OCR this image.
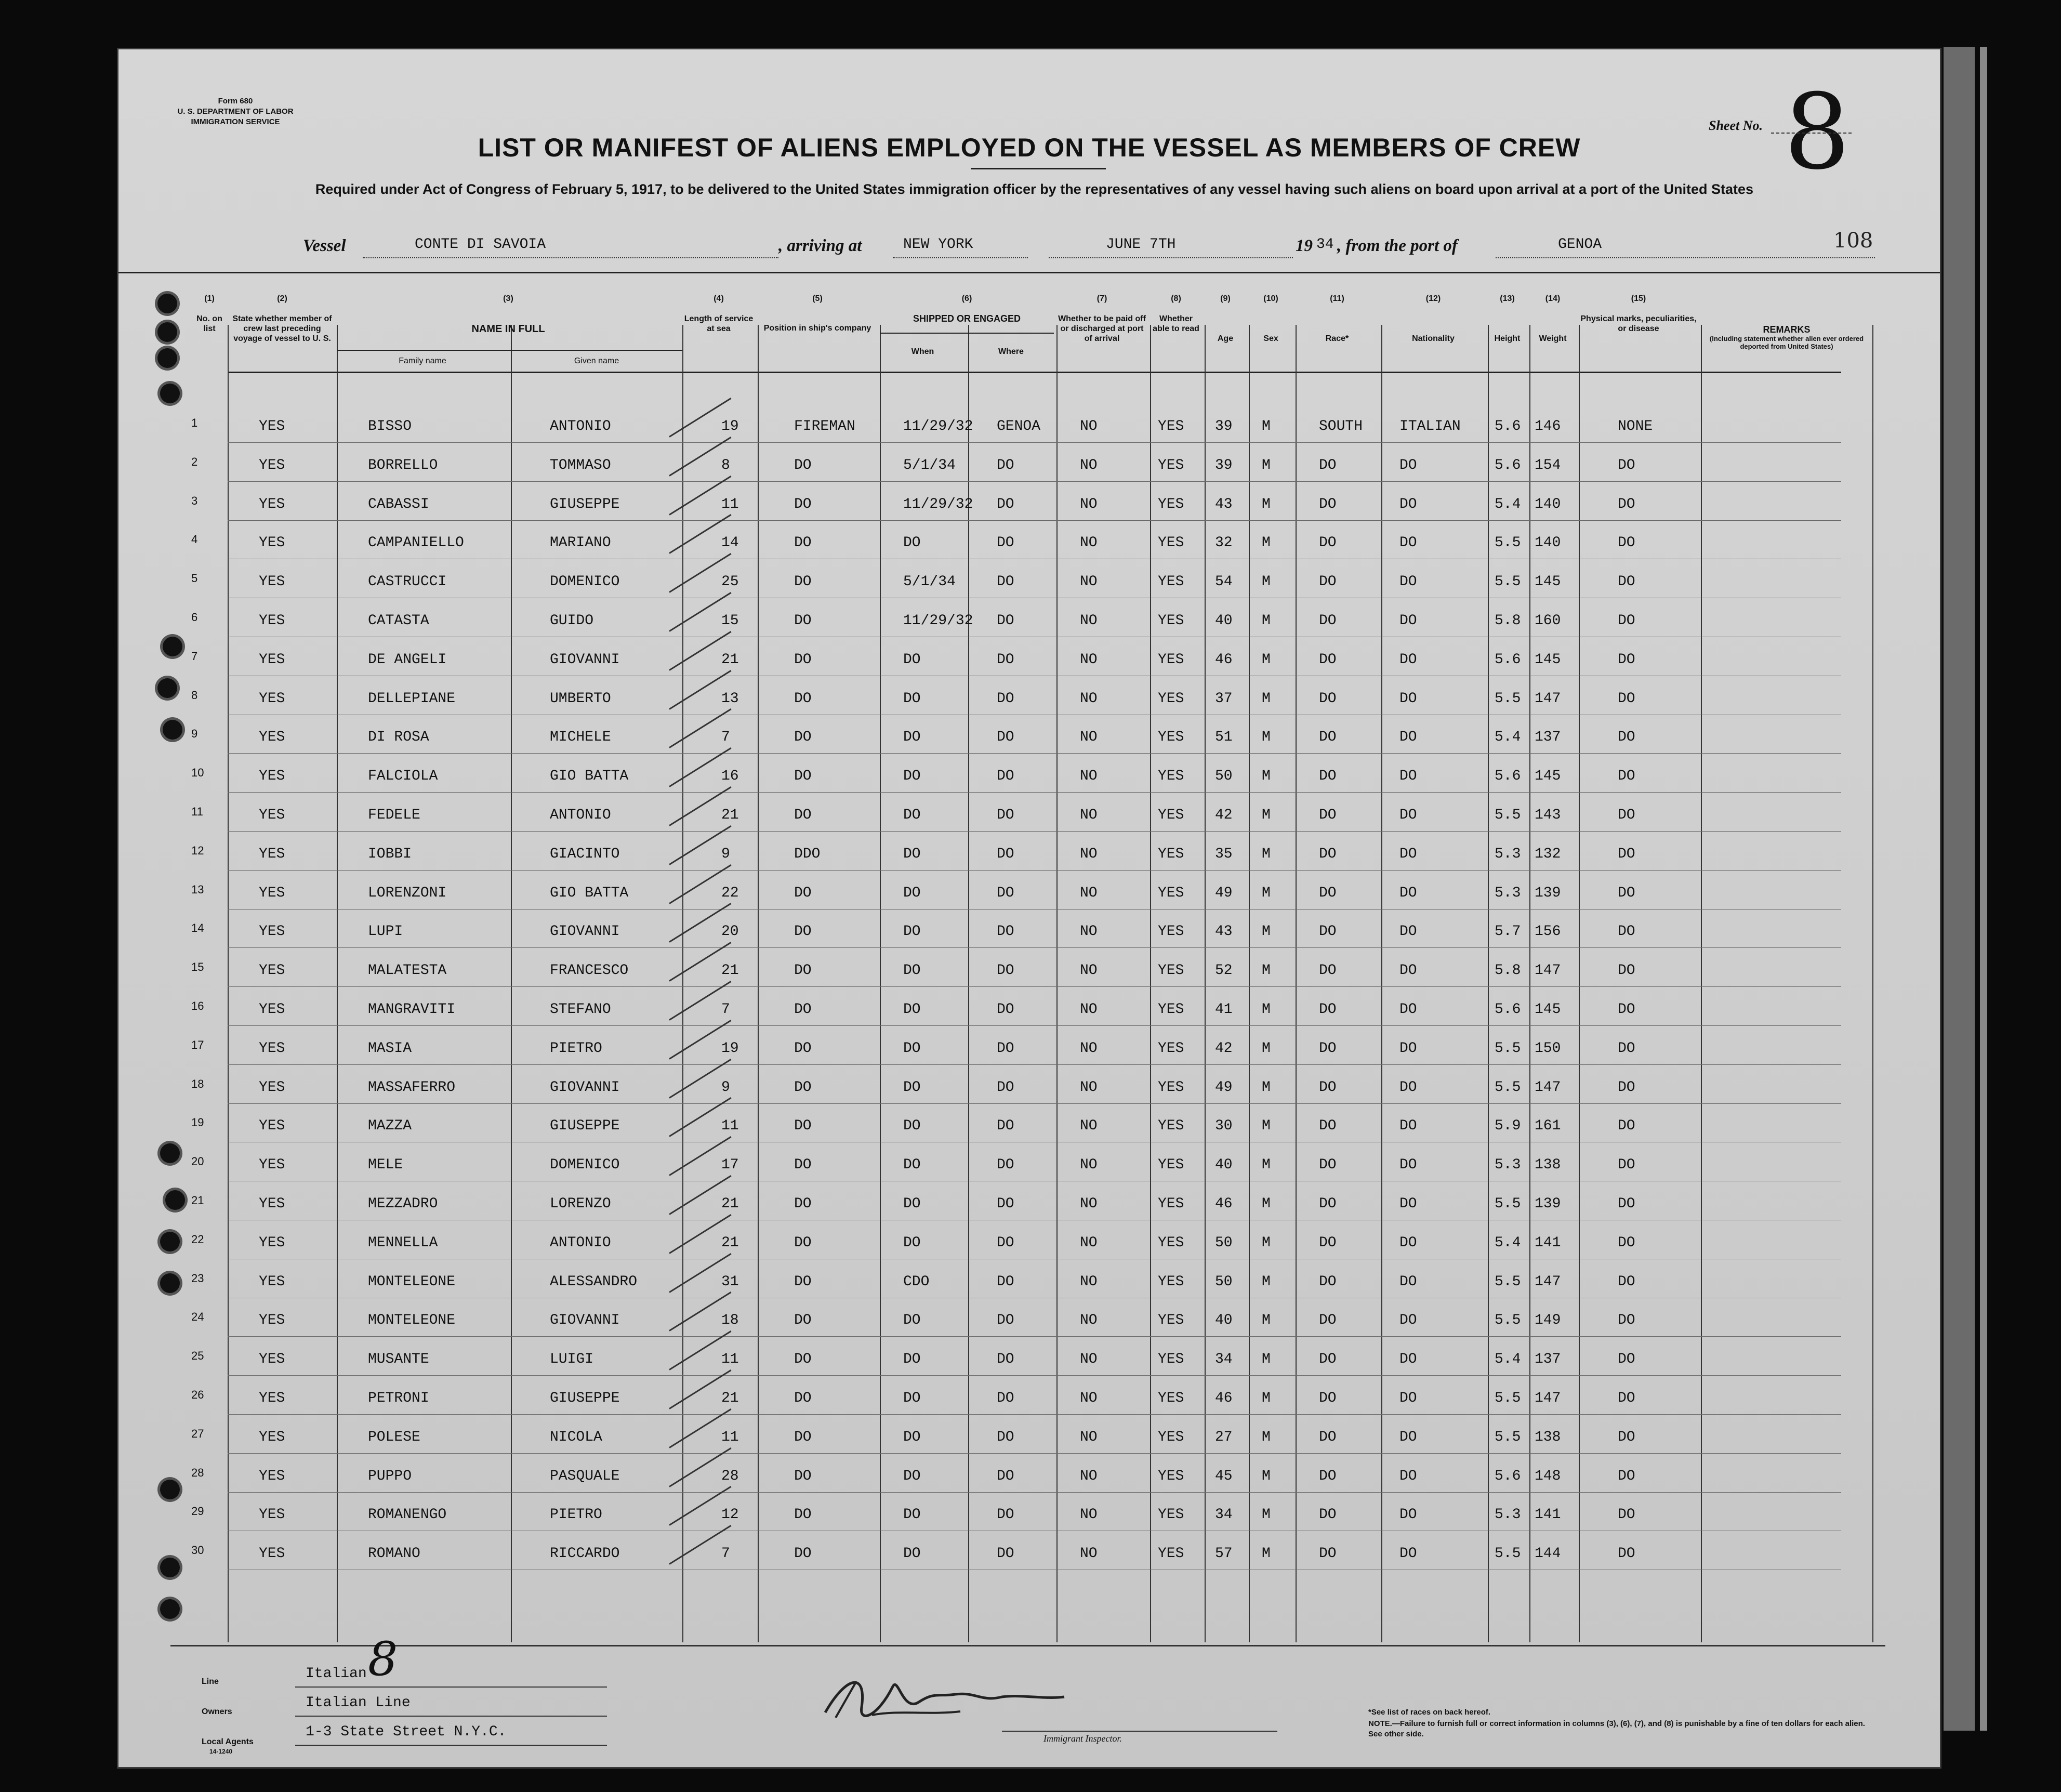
Form 680
U. S. DEPARTMENT OF LABOR
IMMIGRATION SERVICE
LIST OR MANIFEST OF ALIENS EMPLOYED ON THE VESSEL AS MEMBERS OF CREW
Required under Act of Congress of February 5, 1917, to be delivered to the United States immigration officer by the representatives of any vessel having such aliens on board upon arrival at a port of the United States
Sheet No. 8
108
Vessel	CONTE DI SAVOIA	, arriving at	NEW YORK	JUNE 7TH	19 34 , from the port of	GENOA
(1)
No. on list
(2)
State whether member of crew last preceding voyage of vessel to U. S.
(3)
NAME IN FULL
Family name	Given name
(4)
Length of service at sea
(5)
Position in ship's company
(6)
SHIPPED OR ENGAGED
When	Where
(7)
Whether to be paid off or discharged at port of arrival
(8)
Whether able to read
(9)
Age
(10)
Sex
(11)
Race*
(12)
Nationality
(13)
Height
(14)
Weight
(15)
Physical marks, peculiarities, or disease	REMARKS
(Including statement whether alien ever ordered deported from United States)
1	YES	BISSO	ANTONIO	19	FIREMAN	11/29/32 GENOA	NO	YES 39 M	SOUTH	ITALIAN 5.6 146	NONE
2	YES	BORRELLO	TOMMASO	8	DO	5/1/34	DO	NO	YES 39 M	DO	DO	5.6 154	DO
3	YES	CABASSI	GIUSEPPE	11	DO	11/29/32 DO	NO	YES 43 M	DO	DO	5.4 140	DO
4	YES	CAMPANIELLO	MARIANO	14	DO	DO	DO	NO	YES 32 M	DO	DO	5.5 140	DO
5	YES	CASTRUCCI	DOMENICO	25	DO	5/1/34	DO	NO	YES 54 M	DO	DO	5.5 145	DO
6	YES	CATASTA	GUIDO	15	DO	11/29/32 DO	NO	YES 40 M	DO	DO	5.8 160	DO
7	YES	DE ANGELI	GIOVANNI	21	DO	DO	DO	NO	YES 46 M	DO	DO	5.6 145	DO
8	YES	DELLEPIANE	UMBERTO	13	DO	DO	DO	NO	YES 37 M	DO	DO	5.5 147	DO
9	YES	DI ROSA	MICHELE	7	DO	DO	DO	NO	YES 51 M	DO	DO	5.4 137	DO
10	YES	FALCIOLA	GIO BATTA	16	DO	DO	DO	NO	YES 50 M	DO	DO	5.6 145	DO
11	YES	FEDELE	ANTONIO	21	DO	DO	DO	NO	YES 42 M	DO	DO	5.5 143	DO
12	YES	IOBBI	GIACINTO	9	DDO	DO	DO	NO	YES 35 M	DO	DO	5.3 132	DO
13	YES	LORENZONI	GIO BATTA	22	DO	DO	DO	NO	YES 49 M	DO	DO	5.3 139	DO
14	YES	LUPI	GIOVANNI	20	DO	DO	DO	NO	YES 43 M	DO	DO	5.7 156	DO
15	YES	MALATESTA	FRANCESCO	21	DO	DO	DO	NO	YES 52 M	DO	DO	5.8 147	DO
16	YES	MANGRAVITI	STEFANO	7	DO	DO	DO	NO	YES 41 M	DO	DO	5.6 145	DO
17	YES	MASIA	PIETRO	19	DO	DO	DO	NO	YES 42 M	DO	DO	5.5 150	DO
18	YES	MASSAFERRO	GIOVANNI	9	DO	DO	DO	NO	YES 49 M	DO	DO	5.5 147	DO
19	YES	MAZZA	GIUSEPPE	11	DO	DO	DO	NO	YES 30 M	DO	DO	5.9 161	DO
20	YES	MELE	DOMENICO	17	DO	DO	DO	NO	YES 40 M	DO	DO	5.3 138	DO
21	YES	MEZZADRO	LORENZO	21	DO	DO	DO	NO	YES 46 M	DO	DO	5.5 139	DO
22	YES	MENNELLA	ANTONIO	21	DO	DO	DO	NO	YES 50 M	DO	DO	5.4 141	DO
23	YES	MONTELEONE	ALESSANDRO	31	DO	CDO	DO	NO	YES 50 M	DO	DO	5.5 147	DO
24	YES	MONTELEONE	GIOVANNI	18	DO	DO	DO	NO	YES 40 M	DO	DO	5.5 149	DO
25	YES	MUSANTE	LUIGI	11	DO	DO	DO	NO	YES 34 M	DO	DO	5.4 137	DO
26	YES	PETRONI	GIUSEPPE	21	DO	DO	DO	NO	YES 46 M	DO	DO	5.5 147	DO
27	YES	POLESE	NICOLA	11	DO	DO	DO	NO	YES 27 M	DO	DO	5.5 138	DO
28	YES	PUPPO	PASQUALE	28	DO	DO	DO	NO	YES 45 M	DO	DO	5.6 148	DO
29	YES	ROMANENGO	PIETRO	12	DO	DO	DO	NO	YES 34 M	DO	DO	5.3 141	DO
30	YES	ROMANO	RICCARDO	7	DO	DO	DO	NO	YES 57 M	DO	DO	5.5 144	DO
Line	Italian 8
Owners
Italian Line
Local Agents
14-1240
1-3 State Street N.Y.C.	Immigrant Inspector.
*See list of races on back hereof.
NOTE.—Failure to furnish full or correct information in columns (3), (6), (7), and (8) is punishable by a fine of ten dollars for each alien. See other side.
